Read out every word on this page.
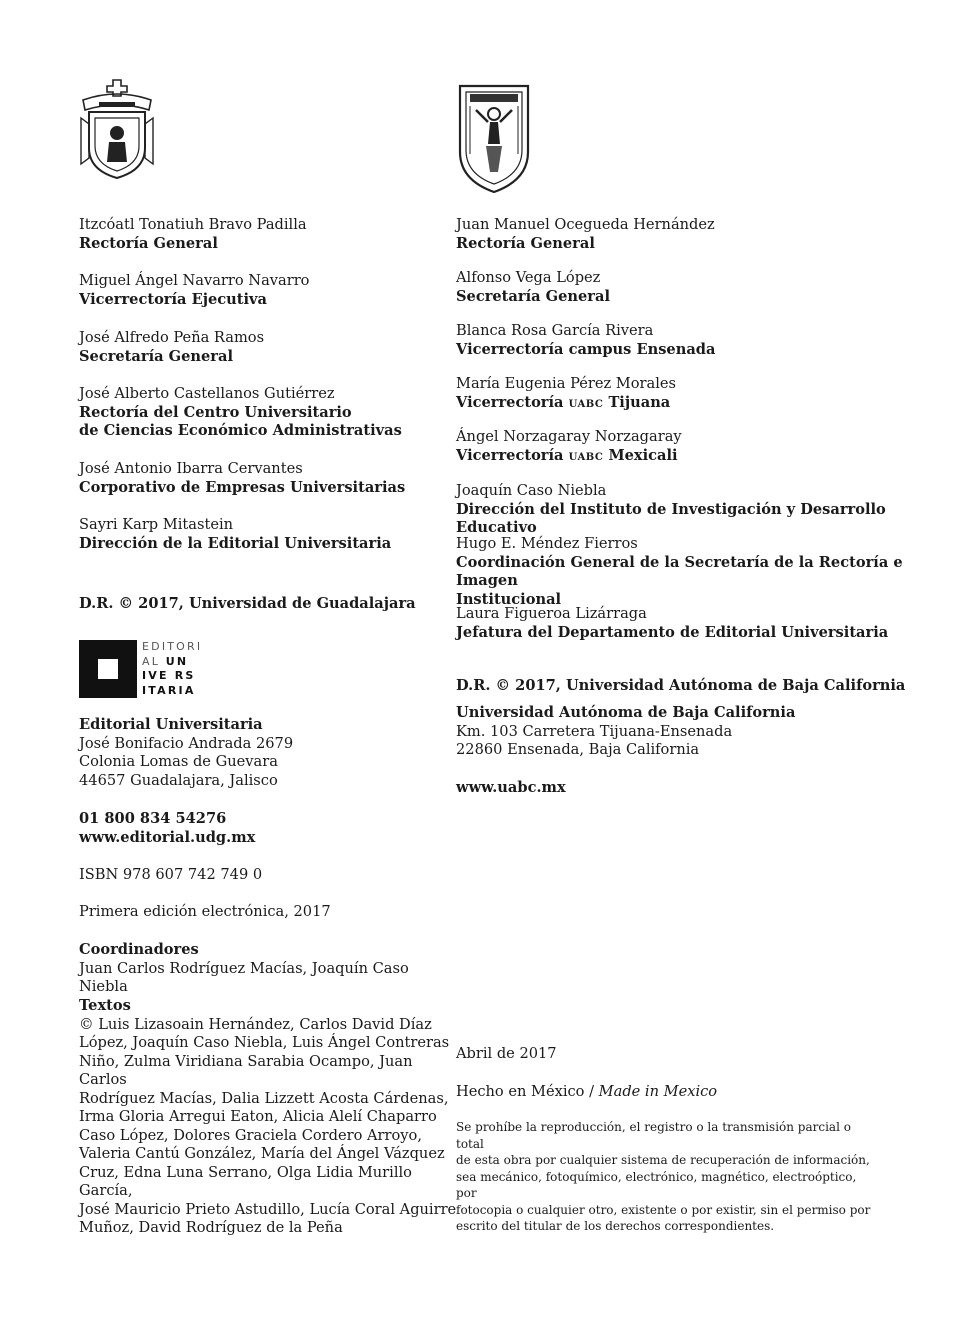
Itzcóatl Tonatiuh Bravo Padilla
Rectoría General
Miguel Ángel Navarro Navarro
Vicerrectoría Ejecutiva
José Alfredo Peña Ramos
Secretaría General
José Alberto Castellanos Gutiérrez
Rectoría del Centro Universitario
de Ciencias Económico Administrativas
José Antonio Ibarra Cervantes
Corporativo de Empresas Universitarias
Sayri Karp Mitastein
Dirección de la Editorial Universitaria
D.R. © 2017, Universidad de Guadalajara
EDITORI
AL UN
IVE RS
ITARIA
Editorial Universitaria
José Bonifacio Andrada 2679
Colonia Lomas de Guevara
44657 Guadalajara, Jalisco
01 800 834 54276
www.editorial.udg.mx
ISBN 978 607 742 749 0
Primera edición electrónica, 2017
Coordinadores
Juan Carlos Rodríguez Macías, Joaquín Caso Niebla
Textos
© Luis Lizasoain Hernández, Carlos David Díaz
López, Joaquín Caso Niebla, Luis Ángel Contreras
Niño, Zulma Viridiana Sarabia Ocampo, Juan Carlos
Rodríguez Macías, Dalia Lizzett Acosta Cárdenas,
Irma Gloria Arregui Eaton, Alicia Alelí Chaparro
Caso López, Dolores Graciela Cordero Arroyo,
Valeria Cantú González, María del Ángel Vázquez
Cruz, Edna Luna Serrano, Olga Lidia Murillo García,
José Mauricio Prieto Astudillo, Lucía Coral Aguirre
Muñoz, David Rodríguez de la Peña
Juan Manuel Ocegueda Hernández
Rectoría General
Alfonso Vega López
Secretaría General
Blanca Rosa García Rivera
Vicerrectoría campus Ensenada
María Eugenia Pérez Morales
Vicerrectoría uabc Tijuana
Ángel Norzagaray Norzagaray
Vicerrectoría uabc Mexicali
Joaquín Caso Niebla
Dirección del Instituto de Investigación y Desarrollo Educativo
Hugo E. Méndez Fierros
Coordinación General de la Secretaría de la Rectoría e Imagen
Institucional
Laura Figueroa Lizárraga
Jefatura del Departamento de Editorial Universitaria
D.R. © 2017, Universidad Autónoma de Baja California
Universidad Autónoma de Baja California
Km. 103 Carretera Tijuana-Ensenada
22860 Ensenada, Baja California
www.uabc.mx
Abril de 2017
Hecho en México / Made in Mexico
Se prohíbe la reproducción, el registro o la transmisión parcial o total
de esta obra por cualquier sistema de recuperación de información,
sea mecánico, fotoquímico, electrónico, magnético, electroóptico, por
fotocopia o cualquier otro, existente o por existir, sin el permiso por
escrito del titular de los derechos correspondientes.
